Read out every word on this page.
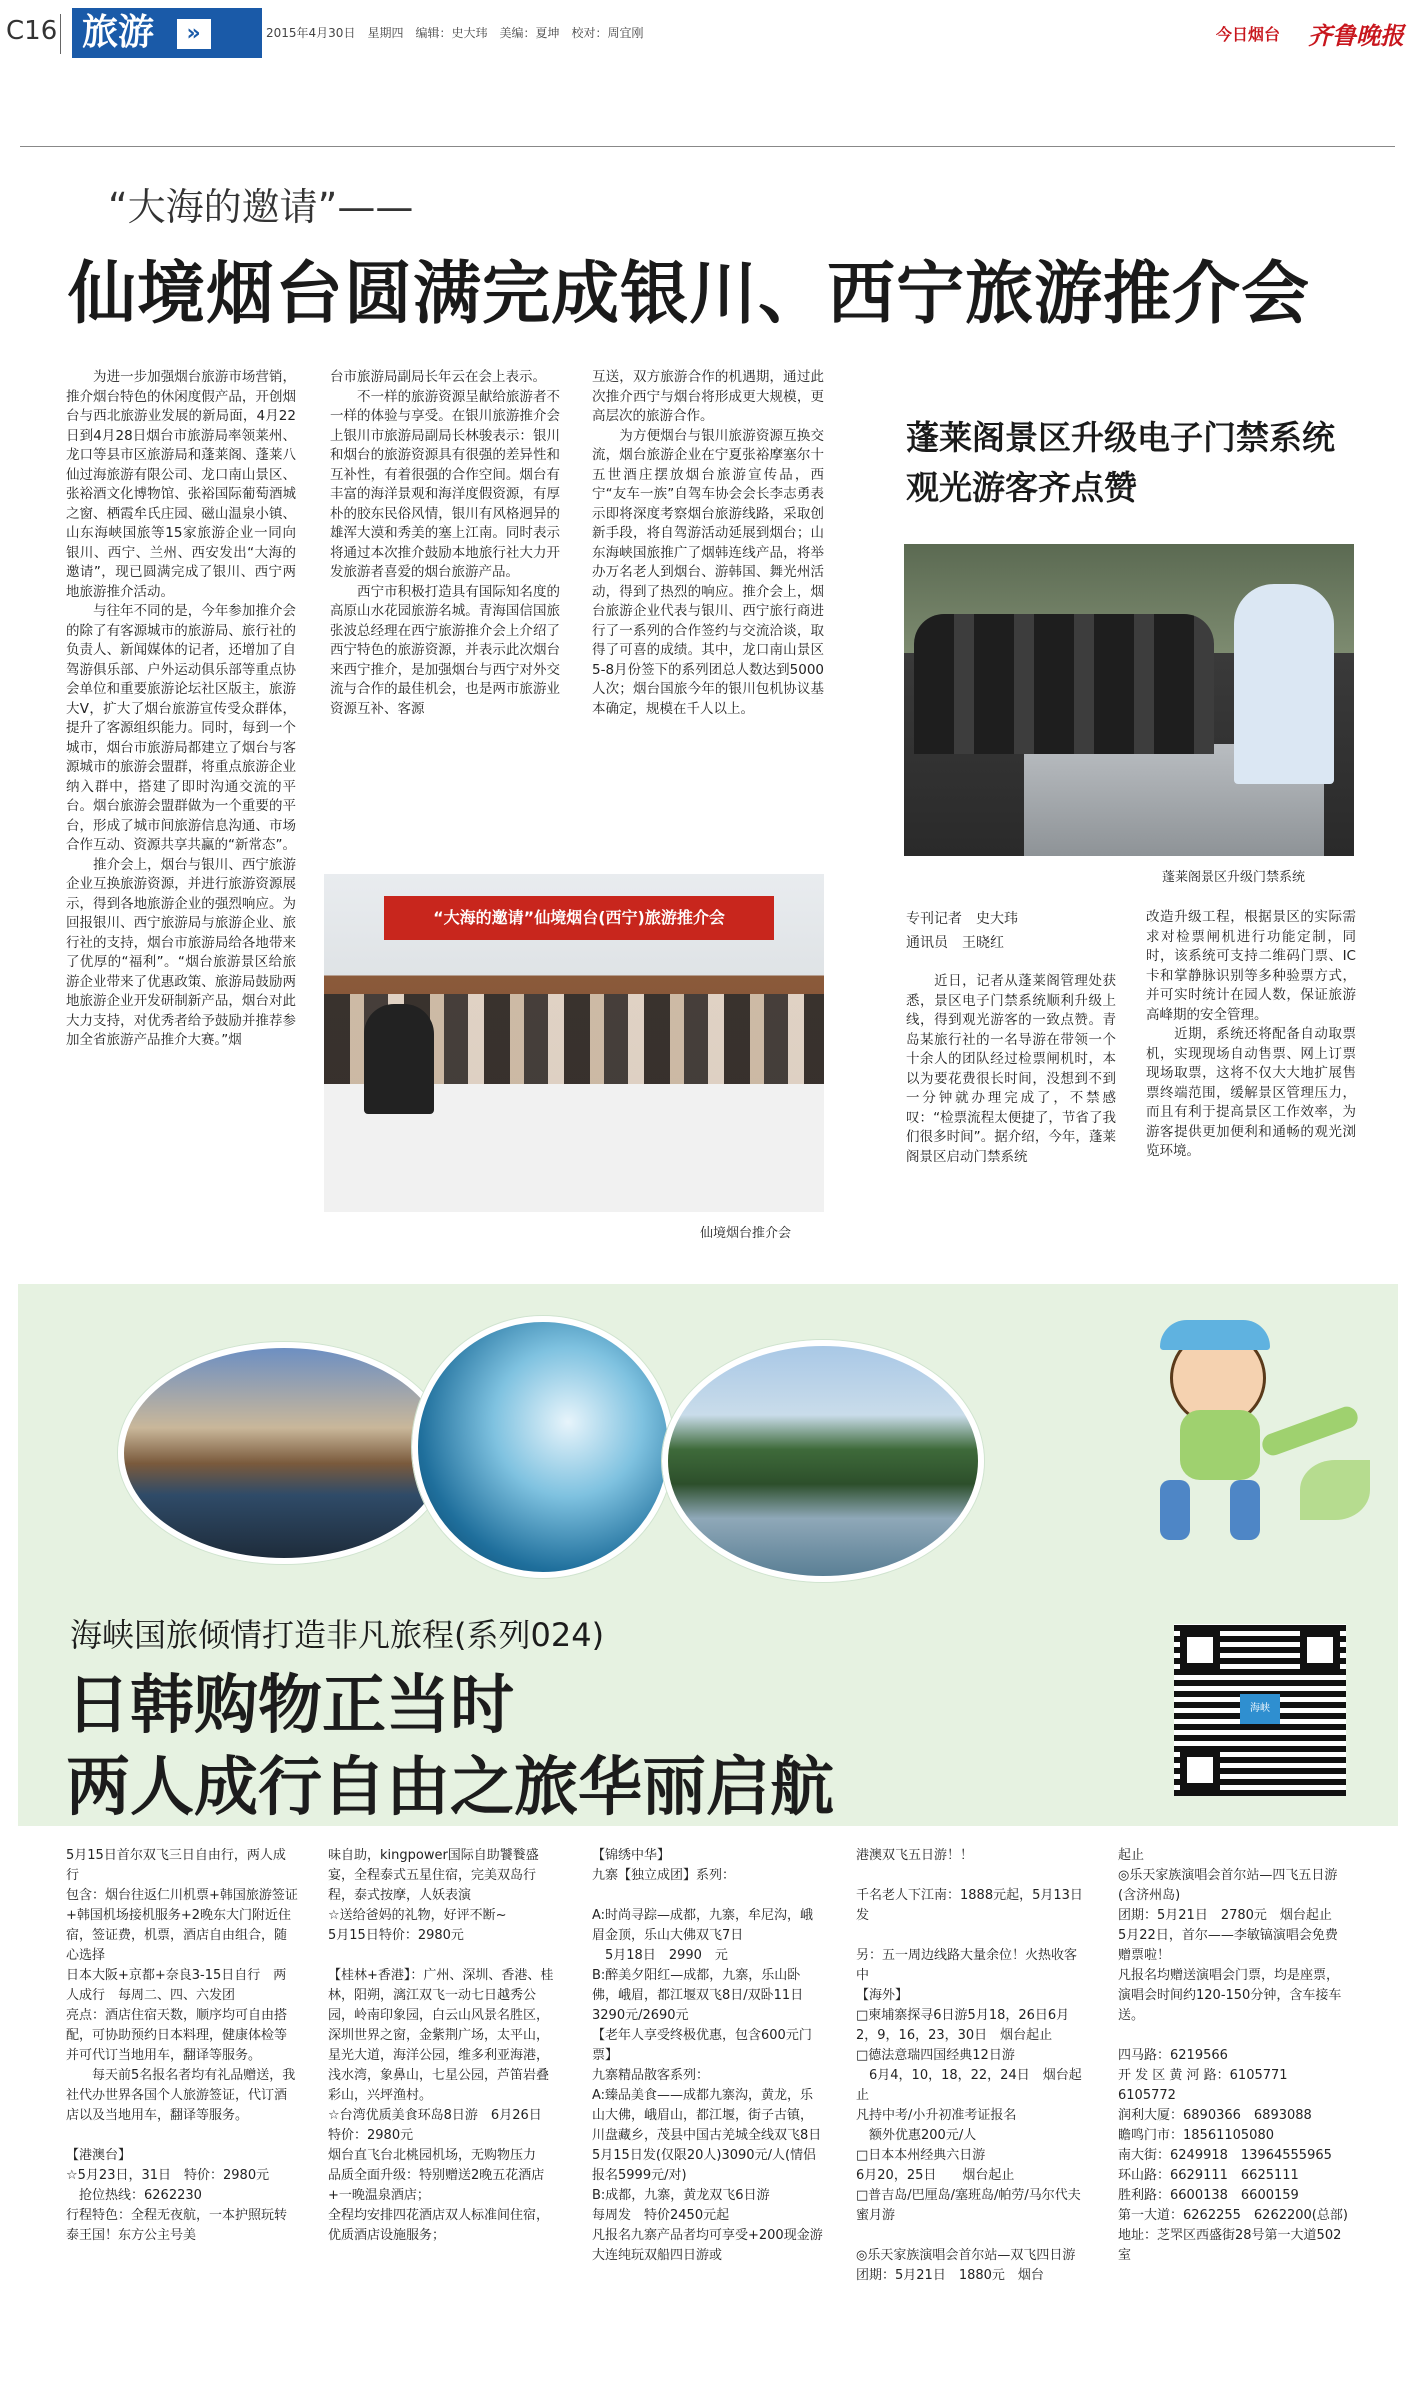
C16 旅游 »	2015年4月30日　星期四　编辑：史大玮　美编：夏坤　校对：周宜刚	今日烟台 齐鲁晚报
“大海的邀请”——
仙境烟台圆满完成银川、西宁旅游推介会
　　为进一步加强烟台旅游市场营销，推介烟台特色的休闲度假产品，开创烟台与西北旅游业发展的新局面，4月22日到4月28日烟台市旅游局率领莱州、龙口等县市区旅游局和蓬莱阁、蓬莱八仙过海旅游有限公司、龙口南山景区、张裕酒文化博物馆、张裕国际葡萄酒城之窗、栖霞牟氏庄园、磁山温泉小镇、山东海峡国旅等15家旅游企业一同向银川、西宁、兰州、西安发出“大海的邀请”，现已圆满完成了银川、西宁两地旅游推介活动。
　　与往年不同的是，今年参加推介会的除了有客源城市的旅游局、旅行社的负责人、新闻媒体的记者，还增加了自驾游俱乐部、户外运动俱乐部等重点协会单位和重要旅游论坛社区版主，旅游大V，扩大了烟台旅游宣传受众群体，提升了客源组织能力。同时，每到一个城市，烟台市旅游局都建立了烟台与客源城市的旅游会盟群，将重点旅游企业纳入群中，搭建了即时沟通交流的平台。烟台旅游会盟群做为一个重要的平台，形成了城市间旅游信息沟通、市场合作互动、资源共享共赢的“新常态”。
　　推介会上，烟台与银川、西宁旅游企业互换旅游资源，并进行旅游资源展示，得到各地旅游企业的强烈响应。为回报银川、西宁旅游局与旅游企业、旅行社的支持，烟台市旅游局给各地带来了优厚的“福利”。“烟台旅游景区给旅游企业带来了优惠政策、旅游局鼓励两地旅游企业开发研制新产品，烟台对此大力支持，对优秀者给予鼓励并推荐参加全省旅游产品推介大赛。”烟
台市旅游局副局长年云在会上表示。
　　不一样的旅游资源呈献给旅游者不一样的体验与享受。在银川旅游推介会上银川市旅游局副局长林骏表示：银川和烟台的旅游资源具有很强的差异性和互补性，有着很强的合作空间。烟台有丰富的海洋景观和海洋度假资源，有厚朴的胶东民俗风情，银川有风格迥异的雄浑大漠和秀美的塞上江南。同时表示将通过本次推介鼓励本地旅行社大力开发旅游者喜爱的烟台旅游产品。
　　西宁市积极打造具有国际知名度的高原山水花园旅游名城。青海国信国旅张波总经理在西宁旅游推介会上介绍了西宁特色的旅游资源，并表示此次烟台来西宁推介，是加强烟台与西宁对外交流与合作的最佳机会，也是两市旅游业资源互补、客源
互送，双方旅游合作的机遇期，通过此次推介西宁与烟台将形成更大规模，更高层次的旅游合作。
　　为方便烟台与银川旅游资源互换交流，烟台旅游企业在宁夏张裕摩塞尔十五世酒庄摆放烟台旅游宣传品，西宁“友车一族”自驾车协会会长李志勇表示即将深度考察烟台旅游线路，采取创新手段，将自驾游活动延展到烟台；山东海峡国旅推广了烟韩连线产品，将举办万名老人到烟台、游韩国、舞光州活动，得到了热烈的响应。推介会上，烟台旅游企业代表与银川、西宁旅行商进行了一系列的合作签约与交流洽谈，取得了可喜的成绩。其中，龙口南山景区5-8月份签下的系列团总人数达到5000人次；烟台国旅今年的银川包机协议基本确定，规模在千人以上。
“大海的邀请”仙境烟台(西宁)旅游推介会
仙境烟台推介会
蓬莱阁景区升级电子门禁系统
观光游客齐点赞
蓬莱阁景区升级门禁系统
专刊记者　史大玮
通讯员　王晓红
　　近日，记者从蓬莱阁管理处获悉，景区电子门禁系统顺利升级上线，得到观光游客的一致点赞。青岛某旅行社的一名导游在带领一个十余人的团队经过检票闸机时，本以为要花费很长时间，没想到不到一分钟就办理完成了，不禁感叹：“检票流程太便捷了，节省了我们很多时间”。据介绍，今年，蓬莱阁景区启动门禁系统
改造升级工程，根据景区的实际需求对检票闸机进行功能定制，同时，该系统可支持二维码门票、IC卡和掌静脉识别等多种验票方式，并可实时统计在园人数，保证旅游高峰期的安全管理。
　　近期，系统还将配备自动取票机，实现现场自动售票、网上订票现场取票，这将不仅大大地扩展售票终端范围，缓解景区管理压力，而且有利于提高景区工作效率，为游客提供更加便利和通畅的观光浏览环境。
海峡国旅倾情打造非凡旅程(系列024)
日韩购物正当时
两人成行自由之旅华丽启航
海峡
5月15日首尔双飞三日自由行，两人成行
包含：烟台往返仁川机票+韩国旅游签证+韩国机场接机服务+2晚东大门附近住宿，签证费，机票，酒店自由组合，随心选择
日本大阪+京都+奈良3-15日自行　两人成行　每周二、四、六发团
亮点：酒店住宿天数，顺序均可自由搭配，可协助预约日本料理，健康体检等并可代订当地用车，翻译等服务。
　　每天前5名报名者均有礼品赠送，我社代办世界各国个人旅游签证，代订酒店以及当地用车，翻译等服务。

【港澳台】
☆5月23日，31日　特价：2980元
　抢位热线：6262230
行程特色：全程无夜航，一本护照玩转泰王国！东方公主号美
味自助，kingpower国际自助饕餮盛宴，全程泰式五星住宿，完美双岛行程，泰式按摩，人妖表演
☆送给爸妈的礼物，好评不断~
5月15日特价：2980元

【桂林+香港】：广州、深圳、香港、桂林，阳朔，漓江双飞一动七日越秀公园，岭南印象园，白云山风景名胜区，深圳世界之窗，金紫荆广场，太平山，星光大道，海洋公园，维多利亚海港，浅水湾，象鼻山，七星公园，芦笛岩叠彩山，兴坪渔村。
☆台湾优质美食环岛8日游　6月26日　特价：2980元
烟台直飞台北桃园机场，无购物压力
品质全面升级：特别赠送2晚五花酒店+一晚温泉酒店；
全程均安排四花酒店双人标准间住宿，优质酒店设施服务；
【锦绣中华】
九寨【独立成团】系列：

A:时尚寻踪—成都，九寨，牟尼沟，峨眉金顶，乐山大佛双飞7日
　5月18日　2990　元
B:醉美夕阳红—成都，九寨，乐山卧佛，峨眉，都江堰双飞8日/双卧11日　3290元/2690元
【老年人享受终极优惠，包含600元门票】
九寨精品散客系列：
A:臻品美食——成都九寨沟，黄龙，乐山大佛，峨眉山，都江堰，街子古镇，川盘藏乡，茂县中国古羌城全线双飞8日
5月15日发(仅限20人)3090元/人(情侣报名5999元/对)
B:成都，九寨，黄龙双飞6日游
每周发　特价2450元起
凡报名九寨产品者均可享受+200现金游大连纯玩双船四日游或
港澳双飞五日游！！

千名老人下江南：1888元起，5月13日发

另：五一周边线路大量余位！火热收客中
【海外】
□柬埔寨探寻6日游5月18，26日6月2，9，16，23，30日　烟台起止
□德法意瑞四国经典12日游
　6月4，10，18，22，24日　烟台起止
凡持中考/小升初准考证报名
　额外优惠200元/人
□日本本州经典六日游
6月20，25日　　烟台起止
□普吉岛/巴厘岛/塞班岛/帕劳/马尔代夫蜜月游

◎乐天家族演唱会首尔站—双飞四日游
团期：5月21日　1880元　烟台
起止
◎乐天家族演唱会首尔站—四飞五日游(含济州岛)
团期：5月21日　2780元　烟台起止
5月22日，首尔——李敏镐演唱会免费赠票啦！
凡报名均赠送演唱会门票，均是座票，演唱会时间约120-150分钟，含车接车送。

四马路：6219566
开 发 区 黄 河 路：6105771　6105772
润利大厦：6890366　6893088
瞻鸣门市：18561105080
南大街：6249918　13964555965
环山路：6629111　6625111
胜利路：6600138　6600159
第一大道：6262255　6262200(总部)
地址：芝罘区西盛街28号第一大道502室
